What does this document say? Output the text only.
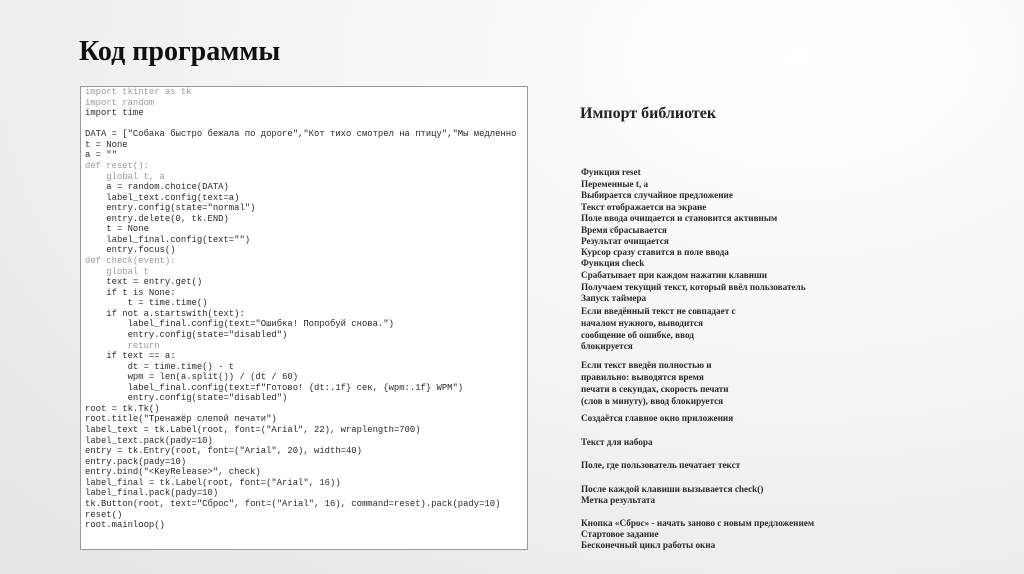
Код программы
import tkinter as tk
import random
import time
DATA = ["Собака быстро бежала по дороге","Кот тихо смотрел на птицу","Мы медленно
t = None
a = ""
def reset():
global t, a
a = random.choice(DATA)
label_text.config(text=a)
entry.config(state="normal")
entry.delete(0, tk.END)
t = None
label_final.config(text="")
entry.focus()
def check(event):
global t
text = entry.get()
if t is None:
t = time.time()
if not a.startswith(text):
label_final.config(text="Ошибка! Попробуй снова.")
entry.config(state="disabled")
return
if text == a:
dt = time.time() - t
wpm = len(a.split()) / (dt / 60)
label_final.config(text=f"Готово! {dt:.1f} сек, {wpm:.1f} WPM")
entry.config(state="disabled")
root = tk.Tk()
root.title("Тренажёр слепой печати")
label_text = tk.Label(root, font=("Arial", 22), wraplength=700)
label_text.pack(pady=10)
entry = tk.Entry(root, font=("Arial", 20), width=40)
entry.pack(pady=10)
entry.bind("<KeyRelease>", check)
label_final = tk.Label(root, font=("Arial", 16))
label_final.pack(pady=10)
tk.Button(root, text="Сброс", font=("Arial", 16), command=reset).pack(pady=10)
reset()
root.mainloop()
Импорт библиотек
Функция reset
Переменные t, a
Выбирается случайное предложение
Текст отображается на экране
Поле ввода очищается и становится активным
Время сбрасывается
Результат очищается
Курсор сразу ставится в поле ввода
Функция check
Срабатывает при каждом нажатии клавиши
Получаем текущий текст, который ввёл пользователь
Запуск таймера
Если введённый текст не совпадает с
началом нужного, выводится
сообщение об ошибке, ввод
блокируется
Если текст введён полностью и
правильно: выводятся время
печати в секундах, скорость печати
(слов в минуту), ввод блокируется
Создаётся главное окно приложения
Текст для набора
Поле, где пользователь печатает текст
После каждой клавиши вызывается check()
Метка результата
Кнопка «Сброс» - начать заново с новым предложением
Стартовое задание
Бесконечный цикл работы окна
